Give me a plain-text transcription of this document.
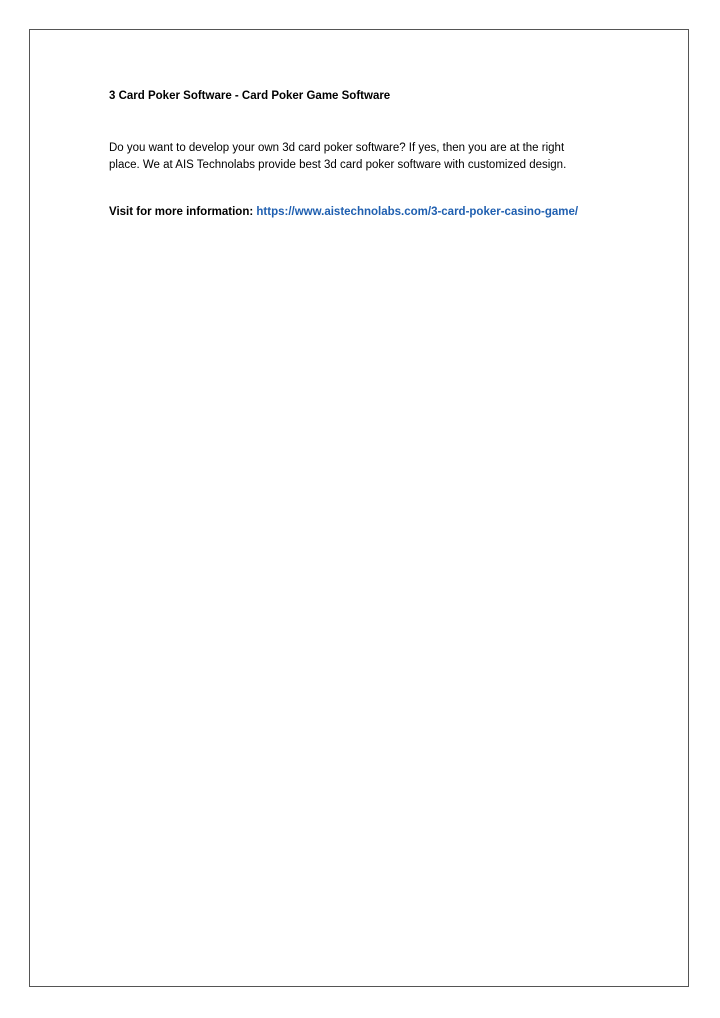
3 Card Poker Software - Card Poker Game Software

Do you want to develop your own 3d card poker software? If yes, then you are at the right
place. We at AIS Technolabs provide best 3d card poker software with customized design.

Visit for more information: https://www.aistechnolabs.com/3-card-poker-casino-game/
